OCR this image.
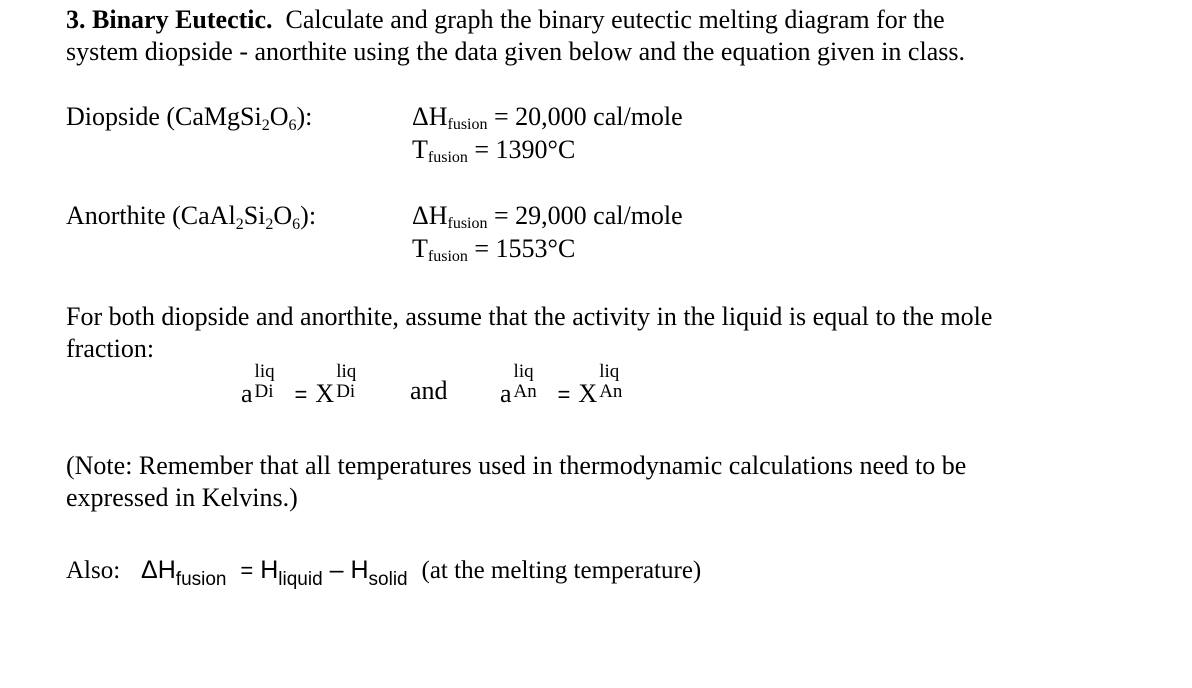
3. Binary Eutectic. Calculate and graph the binary eutectic melting diagram for the
system diopside - anorthite using the data given below and the equation given in class.
Diopside (CaMgSi2O6):	ΔHfusion = 20,000 cal/mole
Tfusion = 1390°C
Anorthite (CaAl2Si2O6):	ΔHfusion = 29,000 cal/mole
Tfusion = 1553°C
For both diopside and anorthite, assume that the activity in the liquid is equal to the mole
fraction:
a
liq
Di = X
liq
Di and a
liq
An = X
liq
An
(Note: Remember that all temperatures used in thermodynamic calculations need to be
expressed in Kelvins.)
Also: $\Delta H_{fusion} = H_{liquid} - H_{solid}$ (at the melting temperature)
